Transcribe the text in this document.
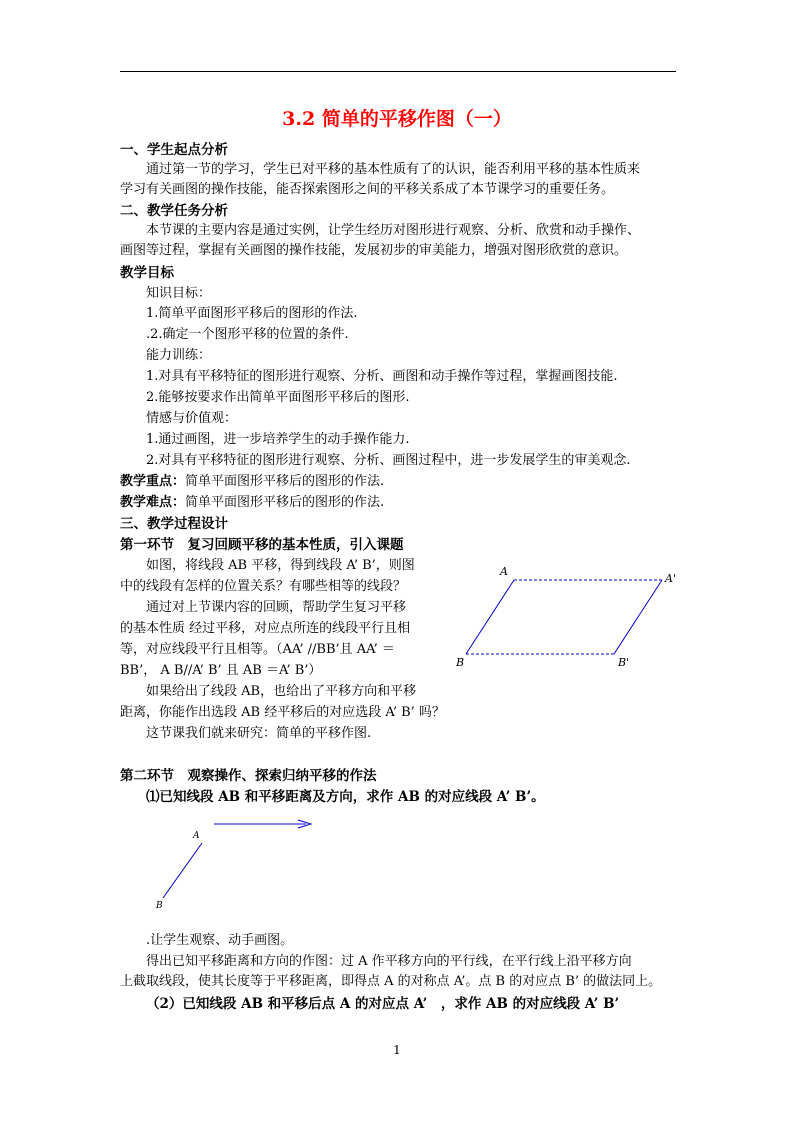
3.2 简单的平移作图（一）
一、学生起点分析
通过第一节的学习，学生已对平移的基本性质有了的认识，能否利用平移的基本性质来
学习有关画图的操作技能，能否探索图形之间的平移关系成了本节课学习的重要任务。
二、教学任务分析
本节课的主要内容是通过实例，让学生经历对图形进行观察、分析、欣赏和动手操作、
画图等过程，掌握有关画图的操作技能，发展初步的审美能力，增强对图形欣赏的意识。
教学目标
知识目标：
1.简单平面图形平移后的图形的作法.
.2.确定一个图形平移的位置的条件.
能力训练：
1.对具有平移特征的图形进行观察、分析、画图和动手操作等过程，掌握画图技能.
2.能够按要求作出简单平面图形平移后的图形.
情感与价值观：
1.通过画图，进一步培养学生的动手操作能力.
2.对具有平移特征的图形进行观察、分析、画图过程中，进一步发展学生的审美观念.
教学重点：简单平面图形平移后的图形的作法.
教学难点：简单平面图形平移后的图形的作法.
三、教学过程设计
第一环节　复习回顾平移的基本性质，引入课题
如图，将线段 AB 平移，得到线段 A’ B’，则图
中的线段有怎样的位置关系？有哪些相等的线段？
通过对上节课内容的回顾，帮助学生复习平移
的基本性质 经过平移，对应点所连的线段平行且相
等，对应线段平行且相等。（AA’ //BB’且 AA’ ＝
BB’， A B//A’ B’ 且 AB ＝A’ B’）
如果给出了线段 AB，也给出了平移方向和平移
距离，你能作出选段 AB 经平移后的对应选段 A’ B’ 吗？
这节课我们就来研究：简单的平移作图.
第二环节　观察操作、探索归纳平移的作法
⑴已知线段 AB 和平移距离及方向，求作 AB 的对应线段 A’ B’。
.让学生观察、动手画图。
得出已知平移距离和方向的作图：过 A 作平移方向的平行线，在平行线上沿平移方向
上截取线段，使其长度等于平移距离，即得点 A 的对称点 A’。点 B 的对应点 B’ 的做法同上。
（2）已知线段 AB 和平移后点 A 的对应点 A’　，求作 AB 的对应线段 A’ B’
A
A'
B	B'
A
B
1
